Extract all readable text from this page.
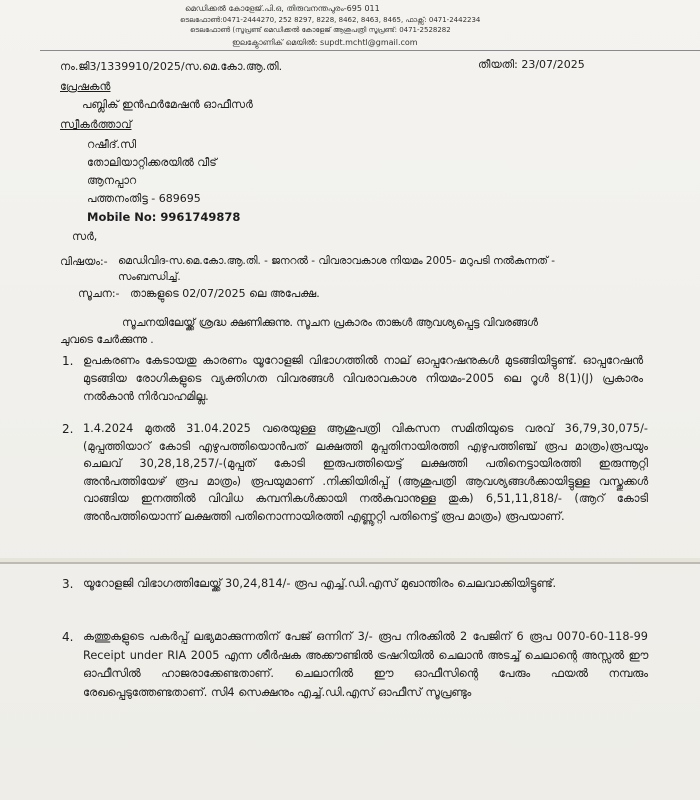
മെഡിക്കൽ കോളേജ്.പി.ഒ, തിരുവനന്തപുരം-695 011
ടെലഫോൺ:0471-2444270, 252 8297, 8228, 8462, 8463, 8465, ഫാക്സ്: 0471-2442234
ടെലഫോൺ (സൂപ്രണ്ട് മെഡിക്കൽ കോളേജ് ആശുപത്രി സൂപ്രണ്ട്: 0471-2528282
ഇലക്ട്രോണിക് മെയിൽ: supdt.mchtl@gmail.com
നം.ജി3/1339910/2025/സ.മെ.കോ.ആ.തി.	തീയതി: 23/07/2025
പ്രേഷകൻ
പബ്ലിക് ഇൻഫർമേഷൻ ഓഫീസർ
സ്വീകർത്താവ്
റഷീദ്.സി
തോലിയാറ്റിക്കരയിൽ വീട്
ആനപ്പാറ
പത്തനംതിട്ട - 689695
Mobile No: 9961749878
സർ,
വിഷയം:- മെഡിവിദ-സ.മെ.കോ.ആ.തി. - ജനറൽ - വിവരാവകാശ നിയമം 2005- മറുപടി നൽകുന്നത് -
സംബന്ധിച്ച്.
സൂചന:- താങ്കളുടെ 02/07/2025 ലെ അപേക്ഷ.
സൂചനയിലേയ്ക്ക് ശ്രദ്ധ ക്ഷണിക്കുന്നു. സൂചന പ്രകാരം താങ്കൾ ആവശ്യപ്പെട്ട വിവരങ്ങൾ
ചുവടെ ചേർക്കുന്നു .
1. ഉപകരണം കേടായതു കാരണം യൂറോളജി വിഭാഗത്തിൽ നാല് ഓപ്പറേഷനുകൾ മുടങ്ങിയിട്ടുണ്ട്. ഓപ്പറേഷൻ മുടങ്ങിയ രോഗികളുടെ വ്യക്തിഗത വിവരങ്ങൾ വിവരാവകാശ നിയമം-2005 ലെ റൂൾ 8(1)(J) പ്രകാരം നൽകാൻ നിർവാഹമില്ല.
2. 1.4.2024 മുതൽ 31.04.2025 വരെയുള്ള ആശുപത്രി വികസന സമിതിയുടെ വരവ് 36,79,30,075/-(മുപ്പത്തിയാറ് കോടി എഴുപത്തിയൊൻപത് ലക്ഷത്തി മുപ്പതിനായിരത്തി എഴുപത്തിഞ്ച് രൂപ മാത്രം)രൂപയും ചെലവ് 30,28,18,257/-(മുപ്പത് കോടി ഇരുപത്തിയെട്ട് ലക്ഷത്തി പതിനെട്ടായിരത്തി ഇരുന്നൂറ്റി അൻപത്തിയേഴ് രൂപ മാത്രം) രൂപയുമാണ് .നിക്കിയിരിപ്പ് (ആശുപത്രി ആവശ്യങ്ങൾക്കായിട്ടുള്ള വസ്തുക്കൾ വാങ്ങിയ ഇനത്തിൽ വിവിധ കമ്പനികൾക്കായി നൽകുവാനുള്ള തുക) 6,51,11,818/- (ആറ് കോടി അൻപത്തിയൊന്ന് ലക്ഷത്തി പതിനൊന്നായിരത്തി എണ്ണൂറ്റി പതിനെട്ട് രൂപ മാത്രം) രൂപയാണ്.
3. യൂറോളജി വിഭാഗത്തിലേയ്ക്ക് 30,24,814/- രൂപ എച്ച്.ഡി.എസ് മുഖാന്തിരം ചെലവാക്കിയിട്ടുണ്ട്.
4. കത്തുകളുടെ പകർപ്പ് ലഭ്യമാക്കുന്നതിന് പേജ് ഒന്നിന് 3/- രൂപ നിരക്കിൽ 2 പേജിന് 6 രൂപ 0070-60-118-99 Receipt under RIA 2005 എന്ന ശീർഷക അക്കൗണ്ടിൽ ട്രഷറിയിൽ ചെലാൻ അടച്ച് ചെലാന്റെ അസ്സൽ ഈ ഓഫീസിൽ ഹാജരാക്കേണ്ടതാണ്. ചെലാനിൽ ഈ ഓഫീസിന്റെ പേരും ഫയൽ നമ്പരും രേഖപ്പെടുത്തേണ്ടതാണ്. സി4 സെക്ഷനും എച്ച്.ഡി.എസ് ഓഫീസ് സൂപ്രണ്ടും
